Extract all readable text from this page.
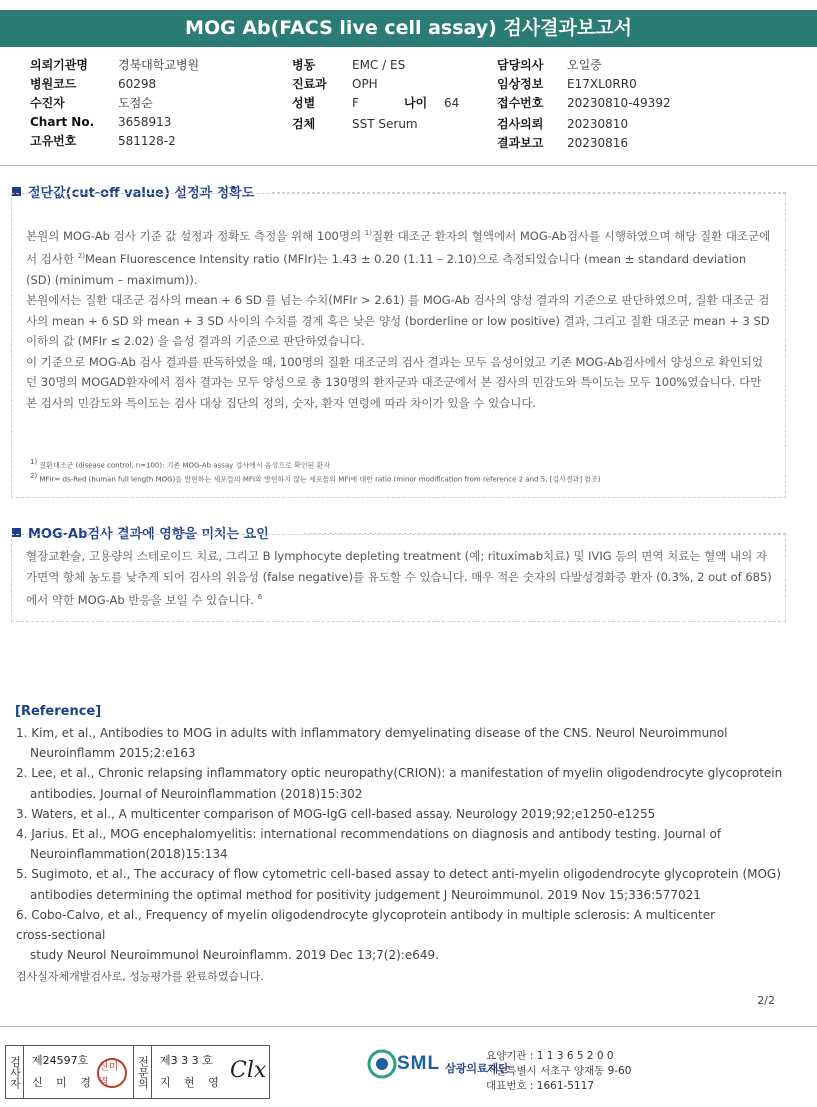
MOG Ab(FACS live cell assay) 검사결과보고서
의뢰기관명	경북대학교병원
병원코드	60298
수진자	도점순
Chart No. 3658913
고유번호	581128-2
병동	EMC / ES
진료과 OPH
성별	F	나이 64
검체	SST Serum
담당의사 오일중
임상정보 E17XL0RR0
접수번호 20230810-49392
검사의뢰 20230810
결과보고 20230816
절단값(cut-off value) 설정과 정확도
본원의 MOG-Ab 검사 기준 값 설정과 정확도 측정을 위해 100명의 $^{1)}$질환 대조군 환자의 혈액에서 MOG-Ab검사를 시행하였으며 해당 질환 대조군에서 검사한 $^{2)}$Mean Fluorescence Intensity ratio (MFIr)는 1.43 ± 0.20 (1.11 – 2.10)으로 측정되었습니다 (mean ± standard deviation (SD) (minimum – maximum)).
본원에서는 질환 대조군 검사의 mean + 6 SD 를 넘는 수치(MFIr > 2.61) 를 MOG-Ab 검사의 양성 결과의 기준으로 판단하였으며, 질환 대조군 검사의 mean + 6 SD 와 mean + 3 SD 사이의 수치를 경계 혹은 낮은 양성 (borderline or low positive) 결과, 그리고 질환 대조군 mean + 3 SD 이하의 값 (MFIr ≤ 2.02) 을 음성 결과의 기준으로 판단하였습니다.
이 기준으로 MOG-Ab 검사 결과를 판독하였을 때, 100명의 질환 대조군의 검사 결과는 모두 음성이었고 기존 MOG-Ab검사에서 양성으로 확인되었던 30명의 MOGAD환자에서 검사 결과는 모두 양성으로 총 130명의 환자군과 대조군에서 본 검사의 민감도와 특이도는 모두 100%였습니다. 다만 본 검사의 민감도와 특이도는 검사 대상 집단의 정의, 숫자, 환자 연령에 따라 차이가 있을 수 있습니다.
$^{1)}$ 질환대조군 (disease control, n=100): 기존 MOG-Ab assay 검사에서 음성으로 확인된 환자
$^{2)}$ MFIr= ds-Red (human full length MOG)를 발현하는 세포들의 MFI와 발현하지 않는 세포들의 MFI에 대한 ratio (minor modification from reference 2 and 5, [검사결과] 참조)
MOG-Ab검사 결과에 영향을 미치는 요인
혈장교환술, 고용량의 스테로이드 치료, 그리고 B lymphocyte depleting treatment (예; rituximab치료) 및 IVIG 등의 면역 치료는 혈액 내의 자가면역 항체 농도를 낮추게 되어 검사의 위음성 (false negative)를 유도할 수 있습니다. 매우 적은 숫자의 다발성경화증 환자 (0.3%, 2 out of 685)에서 약한 MOG-Ab 반응을 보일 수 있습니다. $^6$
[Reference]
1. Kim, et al., Antibodies to MOG in adults with inflammatory demyelinating disease of the CNS. Neurol Neuroimmunol
Neuroinflamm 2015;2:e163
2. Lee, et al., Chronic relapsing inflammatory optic neuropathy(CRION): a manifestation of myelin oligodendrocyte glycoprotein
antibodies. Journal of Neuroinflammation (2018)15:302
3. Waters, et al., A multicenter comparison of MOG-IgG cell-based assay. Neurology 2019;92;e1250-e1255
4. Jarius. Et al., MOG encephalomyelitis: international recommendations on diagnosis and antibody testing. Journal of
Neuroinflammation(2018)15:134
5. Sugimoto, et al., The accuracy of flow cytometric cell-based assay to detect anti-myelin oligodendrocyte glycoprotein (MOG)
antibodies determining the optimal method for positivity judgement J Neuroimmunol. 2019 Nov 15;336:577021
6. Cobo-Calvo, et al., Frequency of myelin oligodendrocyte glycoprotein antibody in multiple sclerosis: A multicenter
cross-sectional
study Neurol Neuroimmunol Neuroinflamm. 2019 Dec 13;7(2):e649.
검사실자체개발검사로, 성능평가를 완료하였습니다.
2/2
검사자 제24597호
신 미 경
신미경	전문의 제3 3 3 호
지 현 영 Clⅹ	SML 삼광의료재단
요양기관 : 1 1 3 6 5 2 0 0
서울특별시 서초구 양재동 9-60
대표번호 : 1661-5117
